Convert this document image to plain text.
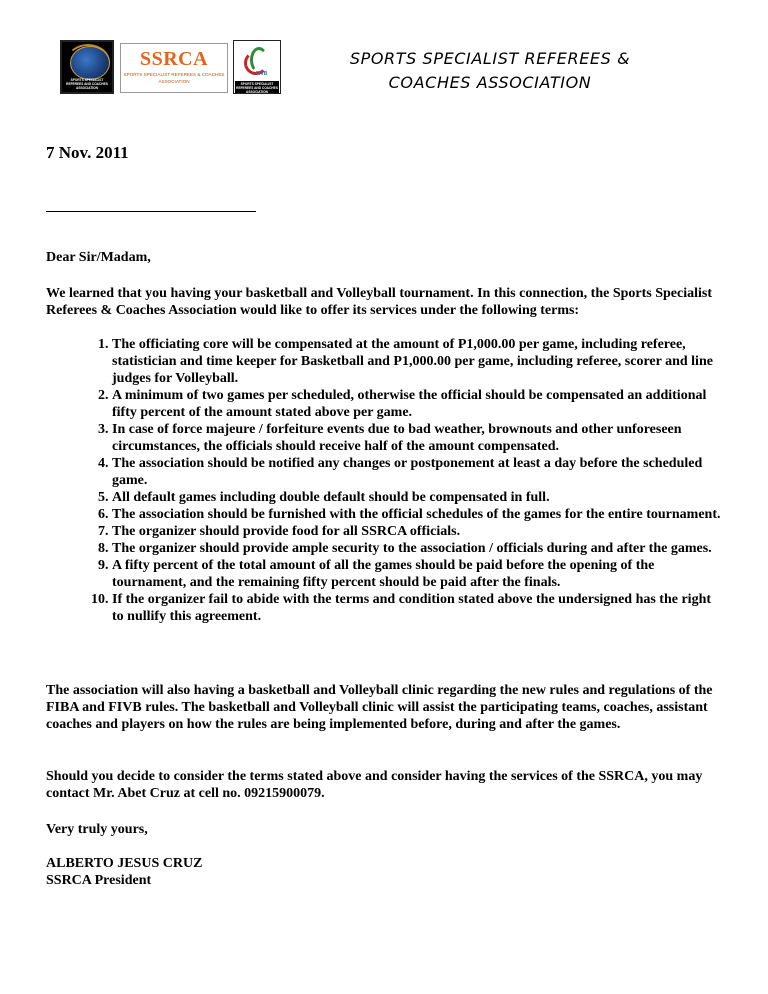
SPORTS SPECIALIST REFEREES AND COACHES ASSOCIATION
SSRCA
SPORTS SPECIALIST REFEREES & COACHES
ASSOCIATION
FIVB
SPORTS SPECIALIST REFEREES AND COACHES ASSOCIATION
SPORTS SPECIALIST REFEREES &
COACHES ASSOCIATION
7 Nov. 2011
Dear Sir/Madam,
We learned that you having your basketball and Volleyball tournament. In this connection, the Sports Specialist Referees & Coaches Association would like to offer its services under the following terms:
1. The officiating core will be compensated at the amount of P1,000.00 per game, including referee, statistician and time keeper for Basketball and P1,000.00 per game, including referee, scorer and line judges for Volleyball.
2. A minimum of two games per scheduled, otherwise the official should be compensated an additional fifty percent of the amount stated above per game.
3. In case of force majeure / forfeiture events due to bad weather, brownouts and other unforeseen circumstances, the officials should receive half of the amount compensated.
4. The association should be notified any changes or postponement at least a day before the scheduled game.
5. All default games including double default should be compensated in full.
6. The association should be furnished with the official schedules of the games for the entire tournament.
7. The organizer should provide food for all SSRCA officials.
8. The organizer should provide ample security to the association / officials during and after the games.
9. A fifty percent of the total amount of all the games should be paid before the opening of the tournament, and the remaining fifty percent should be paid after the finals.
10. If the organizer fail to abide with the terms and condition stated above the undersigned has the right to nullify this agreement.
The association will also having a basketball and Volleyball clinic regarding the new rules and regulations of the FIBA and FIVB rules. The basketball and Volleyball clinic will assist the participating teams, coaches, assistant coaches and players on how the rules are being implemented before, during and after the games.
Should you decide to consider the terms stated above and consider having the services of the SSRCA, you may contact Mr. Abet Cruz at cell no. 09215900079.
Very truly yours,
ALBERTO JESUS CRUZ
SSRCA President
